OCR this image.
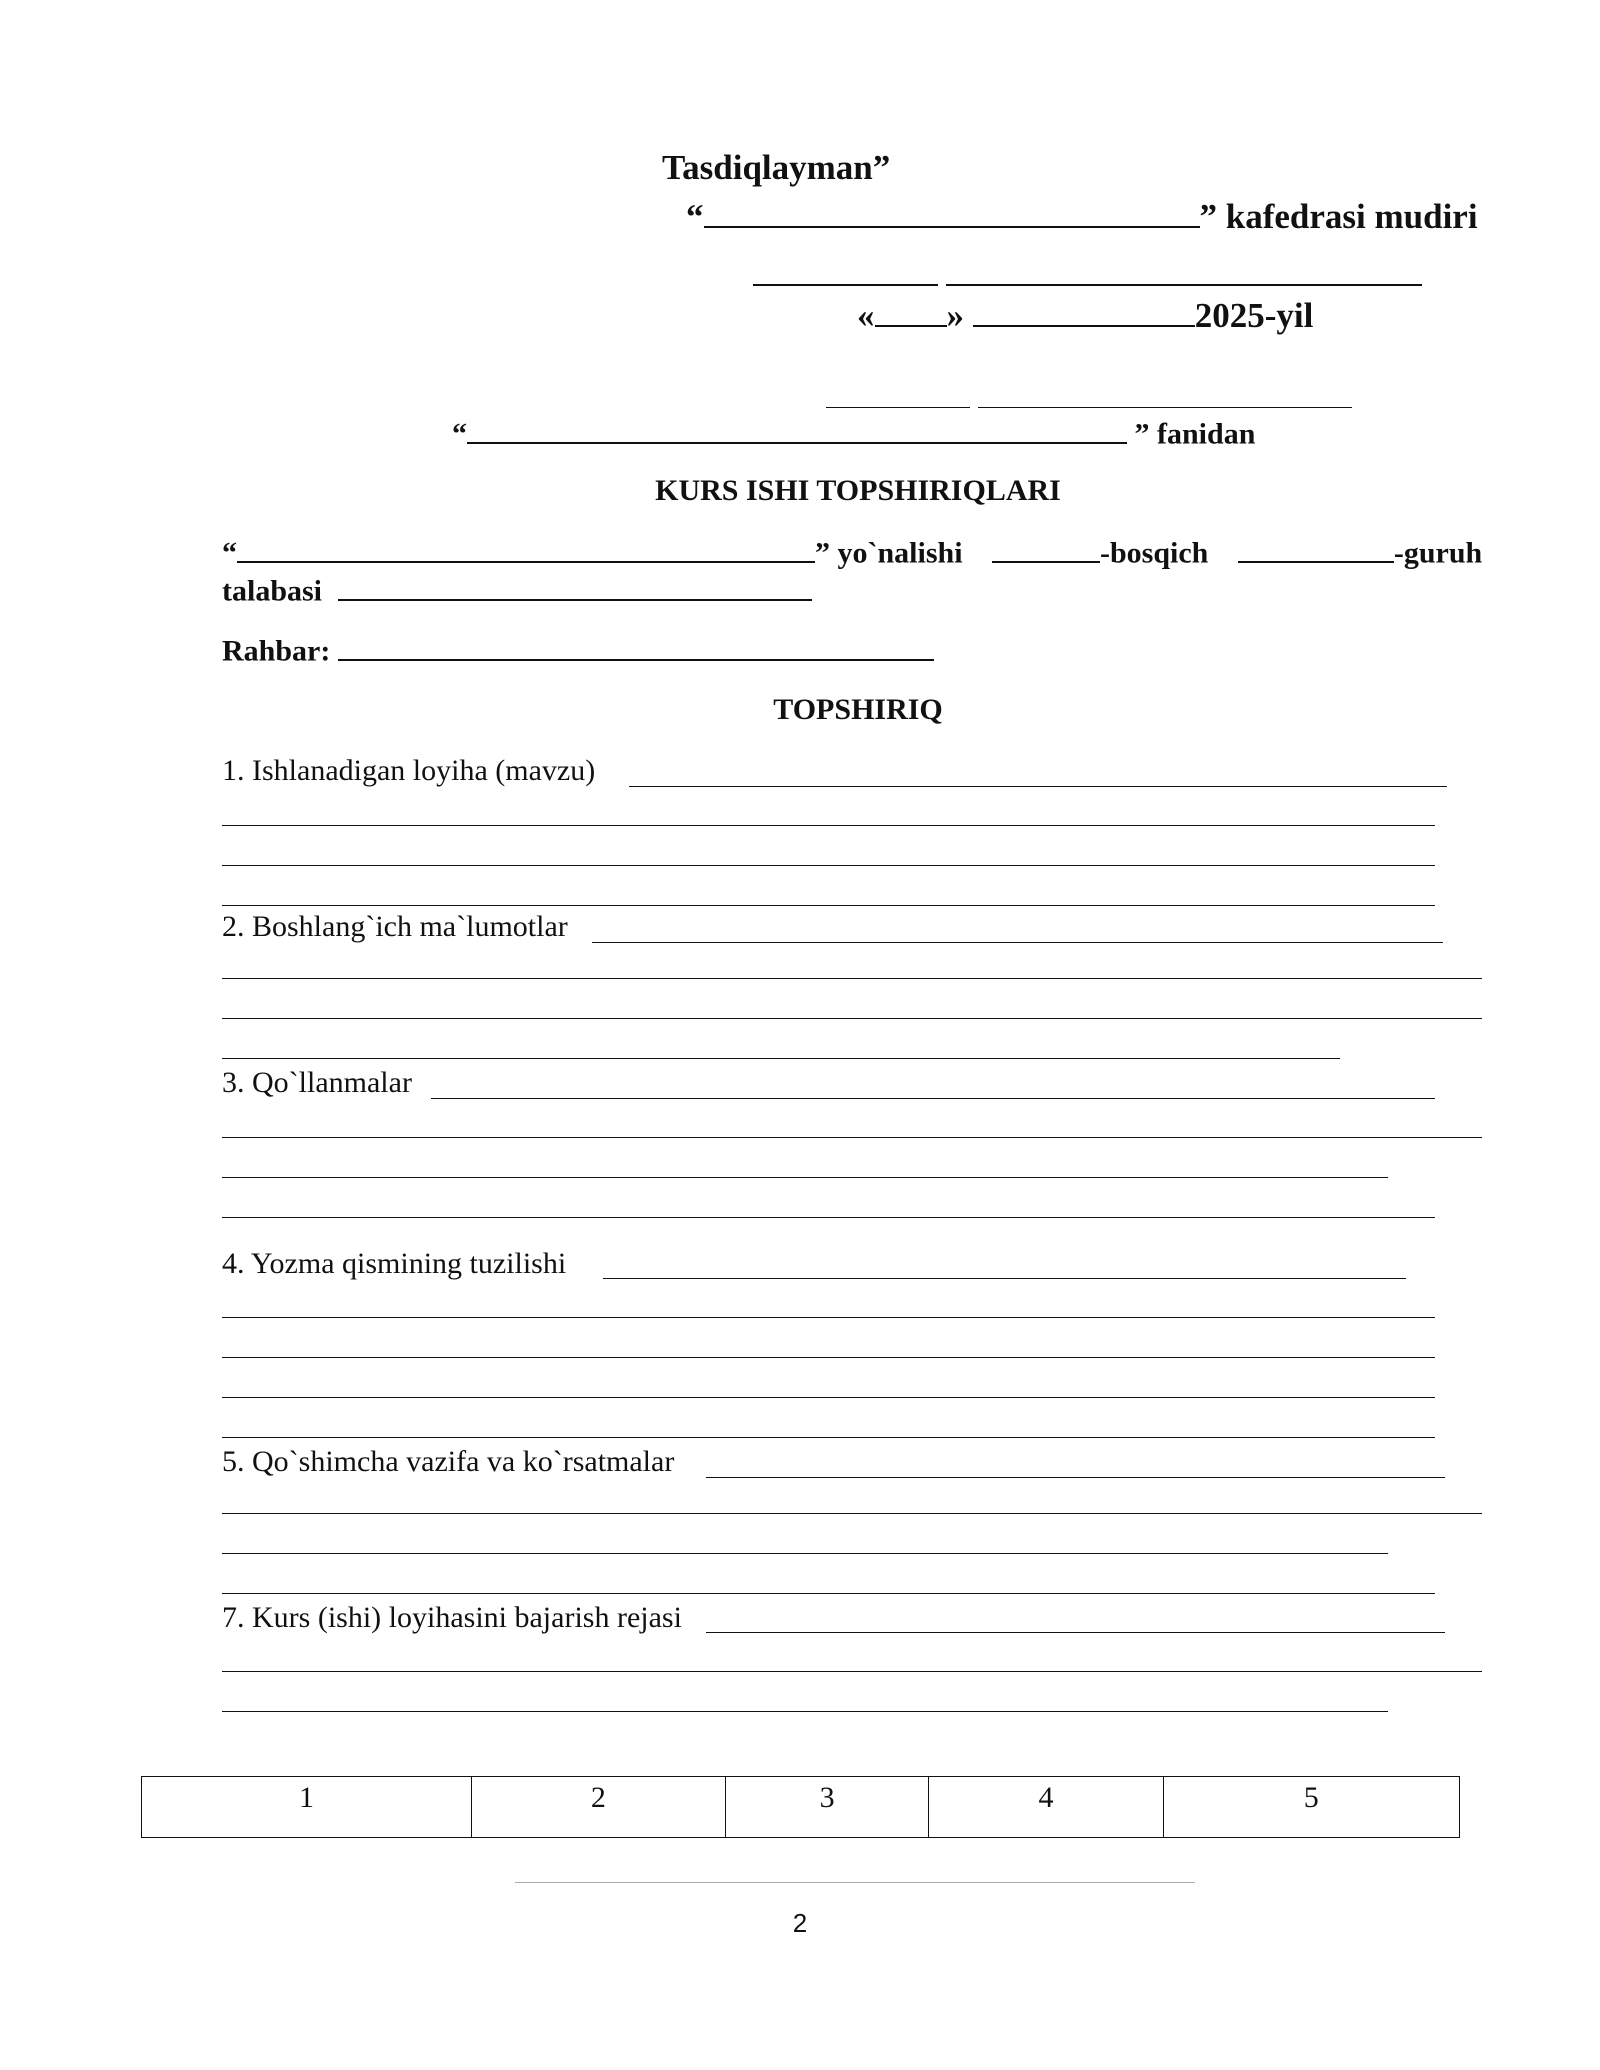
Tasdiqlayman”
“	” kafedrasi mudiri
« »	2025-yil
“	” fanidan
KURS ISHI TOPSHIRIQLARI
“	” yo`nalishi	-bosqich	-guruh
talabasi
Rahbar:
TOPSHIRIQ
1. Ishlanadigan loyiha (mavzu)
2. Boshlang`ich ma`lumotlar
3. Qo`llanmalar
4. Yozma qismining tuzilishi
5. Qo`shimcha vazifa va ko`rsatmalar
7. Kurs (ishi) loyihasini bajarish rejasi
1	2	3	4	5
2
